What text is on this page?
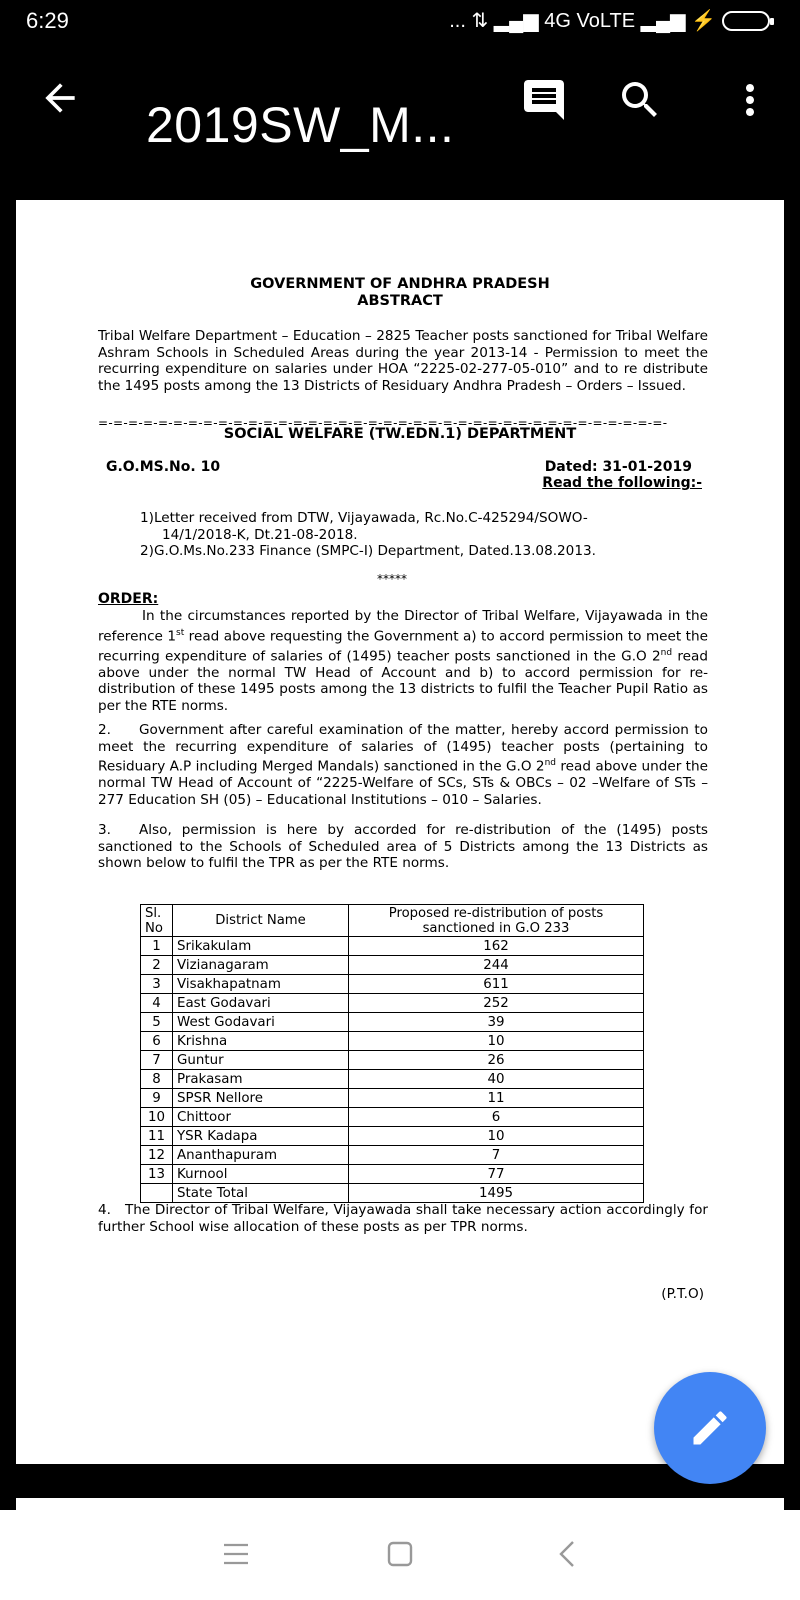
6:29	... ⇅ ▂▄▆ 4G VoLTE ▂▄▆ ⚡
2019SW_M...
GOVERNMENT OF ANDHRA PRADESH
ABSTRACT
Tribal Welfare Department – Education – 2825 Teacher posts sanctioned for Tribal Welfare Ashram Schools in Scheduled Areas during the year 2013-14 - Permission to meet the recurring expenditure on salaries under HOA “2225-02-277-05-010” and to re distribute the 1495 posts among the 13 Districts of Residuary Andhra Pradesh – Orders – Issued.
=-=-=-=-=-=-=-=-=-=-=-=-=-=-=-=-=-=-=-=-=-=-=-=-=-=-=-=-=-=-=-=-=-=-=-=-=-=-
SOCIAL WELFARE (TW.EDN.1) DEPARTMENT
G.O.MS.No. 10	Dated: 31-01-2019
Read the following:-
1)Letter received from DTW, Vijayawada, Rc.No.C-425294/SOWO-
14/1/2018-K, Dt.21-08-2018.
2)G.O.Ms.No.233 Finance (SMPC-I) Department, Dated.13.08.2013.
*****
ORDER:
In the circumstances reported by the Director of Tribal Welfare, Vijayawada in the reference 1st read above requesting the Government a) to accord permission to meet the recurring expenditure of salaries of (1495) teacher posts sanctioned in the G.O 2nd read above under the normal TW Head of Account and b) to accord permission for re-distribution of these 1495 posts among the 13 districts to fulfil the Teacher Pupil Ratio as per the RTE norms.
2. Government after careful examination of the matter, hereby accord permission to meet the recurring expenditure of salaries of (1495) teacher posts (pertaining to Residuary A.P including Merged Mandals) sanctioned in the G.O 2nd read above under the normal TW Head of Account of “2225-Welfare of SCs, STs & OBCs – 02 –Welfare of STs – 277 Education SH (05) – Educational Institutions – 010 – Salaries.
3. Also, permission is here by accorded for re-distribution of the (1495) posts sanctioned to the Schools of Scheduled area of 5 Districts among the 13 Districts as shown below to fulfil the TPR as per the RTE norms.
Sl. No	District Name	Proposed re-distribution of posts sanctioned in G.O 233
1	Srikakulam	162
2	Vizianagaram	244
3	Visakhapatnam	611
4	East Godavari	252
5	West Godavari	39
6	Krishna	10
7	Guntur	26
8	Prakasam	40
9	SPSR Nellore	11
10	Chittoor	6
11	YSR Kadapa	10
12	Ananthapuram	7
13	Kurnool	77
	State Total	1495
4. The Director of Tribal Welfare, Vijayawada shall take necessary action accordingly for further School wise allocation of these posts as per TPR norms.
(P.T.O)
